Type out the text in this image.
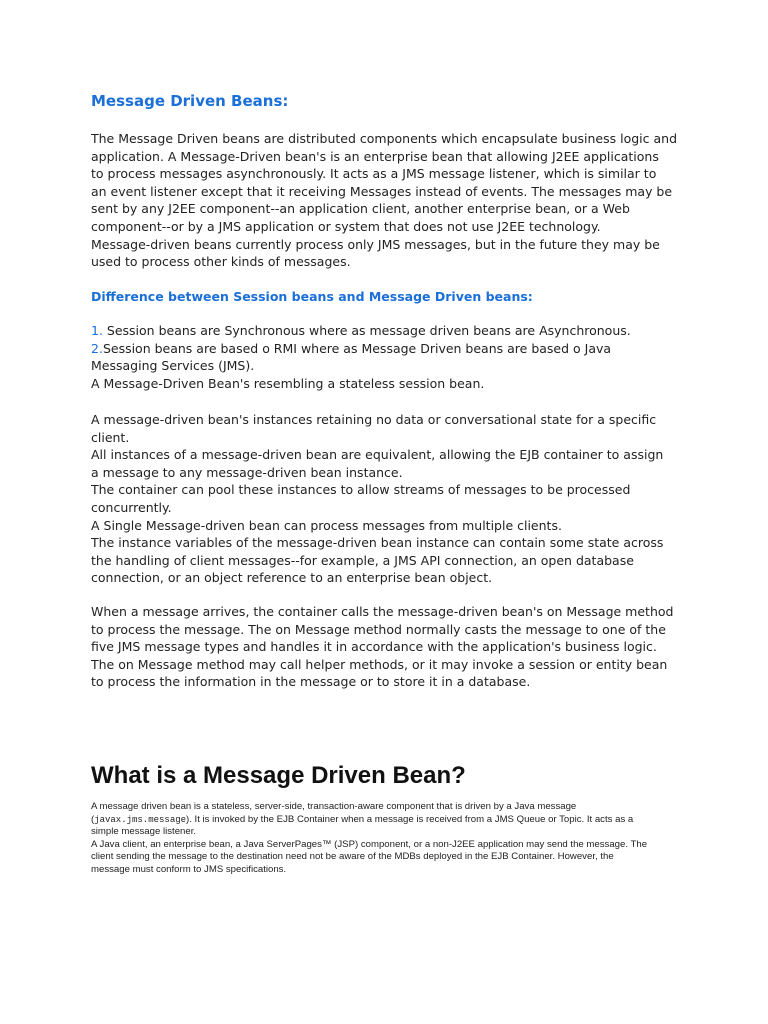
Message Driven Beans:

The Message Driven beans are distributed components which encapsulate business logic and

application. A Message-Driven bean's is an enterprise bean that allowing J2EE applications

to process messages asynchronously. It acts as a JMS message listener, which is similar to

an event listener except that it receiving Messages instead of events. The messages may be

sent by any J2EE component--an application client, another enterprise bean, or a Web

component--or by a JMS application or system that does not use J2EE technology.

Message-driven beans currently process only JMS messages, but in the future they may be

used to process other kinds of messages.

Difference between Session beans and Message Driven beans:

1. Session beans are Synchronous where as message driven beans are Asynchronous.

2.Session beans are based o RMI where as Message Driven beans are based o Java

Messaging Services (JMS).

A Message-Driven Bean's resembling a stateless session bean.

A message-driven bean's instances retaining no data or conversational state for a specific

client.

All instances of a message-driven bean are equivalent, allowing the EJB container to assign

a message to any message-driven bean instance.

The container can pool these instances to allow streams of messages to be processed

concurrently.

A Single Message-driven bean can process messages from multiple clients.

The instance variables of the message-driven bean instance can contain some state across

the handling of client messages--for example, a JMS API connection, an open database

connection, or an object reference to an enterprise bean object.

When a message arrives, the container calls the message-driven bean's on Message method

to process the message. The on Message method normally casts the message to one of the

five JMS message types and handles it in accordance with the application's business logic.

The on Message method may call helper methods, or it may invoke a session or entity bean

to process the information in the message or to store it in a database.

What is a Message Driven Bean?

A message driven bean is a stateless, server-side, transaction-aware component that is driven by a Java message

(javax.jms.message). It is invoked by the EJB Container when a message is received from a JMS Queue or Topic. It acts as a

simple message listener.

A Java client, an enterprise bean, a Java ServerPages™ (JSP) component, or a non-J2EE application may send the message. The

client sending the message to the destination need not be aware of the MDBs deployed in the EJB Container. However, the

message must conform to JMS specifications.
